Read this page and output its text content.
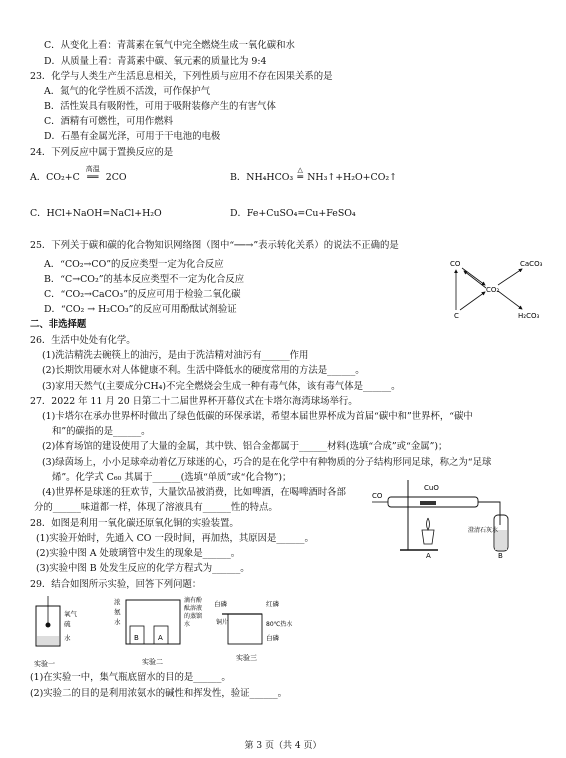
C．从变化上看：青蒿素在氧气中完全燃烧生成一氧化碳和水
D．从质量上看：青蒿素中碳、氧元素的质量比为 9:4
23．化学与人类生产生活息息相关，下列性质与应用不存在因果关系的是
A．氮气的化学性质不活泼，可作保护气
B．活性炭具有吸附性，可用于吸附装修产生的有害气体
C．酒精有可燃性，可用作燃料
D．石墨有金属光泽，可用于干电池的电极
24．下列反应中属于置换反应的是
A．CO₂+C
高温
══ 2CO	B．NH₄HCO₃
△
═ NH₃↑+H₂O+CO₂↑
C．HCl+NaOH=NaCl+H₂O	D．Fe+CuSO₄=Cu+FeSO₄
25．下列关于碳和碳的化合物知识网络图（图中“──→”表示转化关系）的说法不正确的是
A．“CO₂→CO”的反应类型一定为化合反应
B．“C→CO₂”的基本反应类型不一定为化合反应
C．“CO₂→CaCO₃”的反应可用于检验二氧化碳
D．“CO₂ → H₂CO₃”的反应可用酚酞试剂验证
CO	CaCO₃
CO₂
C	H₂CO₃
二、非选择题
26．生活中处处有化学。
(1)洗洁精洗去碗筷上的油污，是由于洗洁精对油污有______作用
(2)长期饮用硬水对人体健康不利。生活中降低水的硬度常用的方法是______。
(3)家用天然气(主要成分CH₄)不完全燃烧会生成一种有毒气体，该有毒气体是______。
27．2022 年 11 月 20 日第二十二届世界杯开幕仪式在卡塔尔海湾球场举行。
(1)卡塔尔在承办世界杯时做出了绿色低碳的环保承诺，希望本届世界杯成为首届“碳中和”世界杯，“碳中
和”的碳指的是______。
(2)体育场馆的建设使用了大量的金属，其中铁、铝合金都属于______材料(选填“合成”或“金属”)；
(3)绿茵场上，小小足球牵动着亿万球迷的心，巧合的是在化学中有种物质的分子结构形同足球，称之为“足球
烯”。化学式 C₆₀ 其属于______(选填“单质”或“化合物”)；
(4)世界杯是球迷的狂欢节，大量饮品被消费，比如啤酒，在喝啤酒时各部
分的______味道都一样，体现了溶液具有______性的特点。
28．如图是利用一氧化碳还原氧化铜的实验装置。
(1)实验开始时，先通入 CO 一段时间，再加热，其原因是______。
(2)实验中图 A 处玻璃管中发生的现象是______。
(3)实验中图 B 处发生反应的化学方程式为______。
29．结合如图所示实验，回答下列问题：
CO
CuO
澄清石灰水
A	B
氧气
硫
水
实验一
浓
氨
水
B	A
滴有酚
酞溶液
的蒸馏
水
实验二
白磷	红磷
铜片	80℃热水
白磷
实验三
(1)在实验一中，集气瓶底留水的目的是______。
(2)实验二的目的是利用浓氨水的碱性和挥发性，验证______。
第 3 页（共 4 页）
